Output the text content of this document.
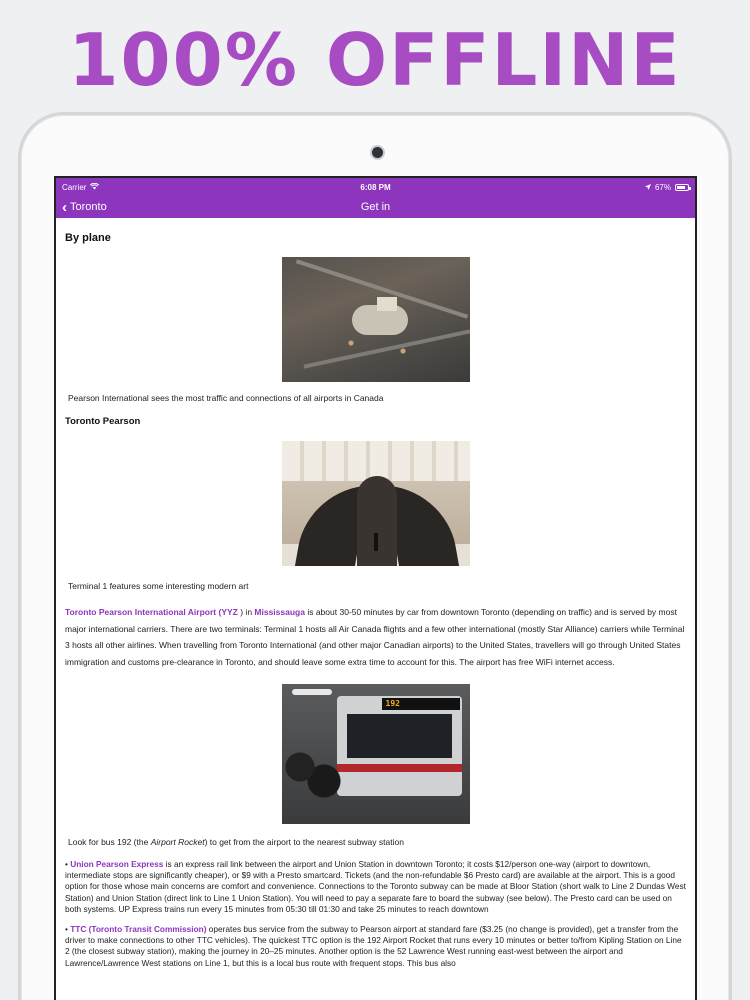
100% OFFLINE
Carrier	6:08 PM	67%
‹ Toronto	Get in
By plane
Pearson International sees the most traffic and connections of all airports in Canada
Toronto Pearson
Terminal 1 features some interesting modern art

Toronto Pearson International Airport (YYZ ) in Mississauga is about 30-50 minutes by car from downtown Toronto (depending on traffic) and is served by most major international carriers. There are two terminals: Terminal 1 hosts all Air Canada flights and a few other international (mostly Star Alliance) carriers while Terminal 3 hosts all other airlines. When travelling from Toronto International (and other major Canadian airports) to the United States, travellers will go through United States immigration and customs pre-clearance in Toronto, and should leave some extra time to account for this. The airport has free WiFi internet access.

192
Look for bus 192 (the Airport Rocket) to get from the airport to the nearest subway station
• Union Pearson Express is an express rail link between the airport and Union Station in downtown Toronto; it costs $12/person one-way (airport to downtown, intermediate stops are significantly cheaper), or $9 with a Presto smartcard. Tickets (and the non-refundable $6 Presto card) are available at the airport. This is a good option for those whose main concerns are comfort and convenience. Connections to the Toronto subway can be made at Bloor Station (short walk to Line 2 Dundas West Station) and Union Station (direct link to Line 1 Union Station). You will need to pay a separate fare to board the subway (see below). The Presto card can be used on both systems. UP Express trains run every 15 minutes from 05:30 till 01:30 and take 25 minutes to reach downtown
• TTC (Toronto Transit Commission) operates bus service from the subway to Pearson airport at standard fare ($3.25 (no change is provided), get a transfer from the driver to make connections to other TTC vehicles). The quickest TTC option is the 192 Airport Rocket that runs every 10 minutes or better to/from Kipling Station on Line 2 (the closest subway station), making the journey in 20–25 minutes. Another option is the 52 Lawrence West running east-west between the airport and Lawrence/Lawrence West stations on Line 1, but this is a local bus route with frequent stops. This bus also
